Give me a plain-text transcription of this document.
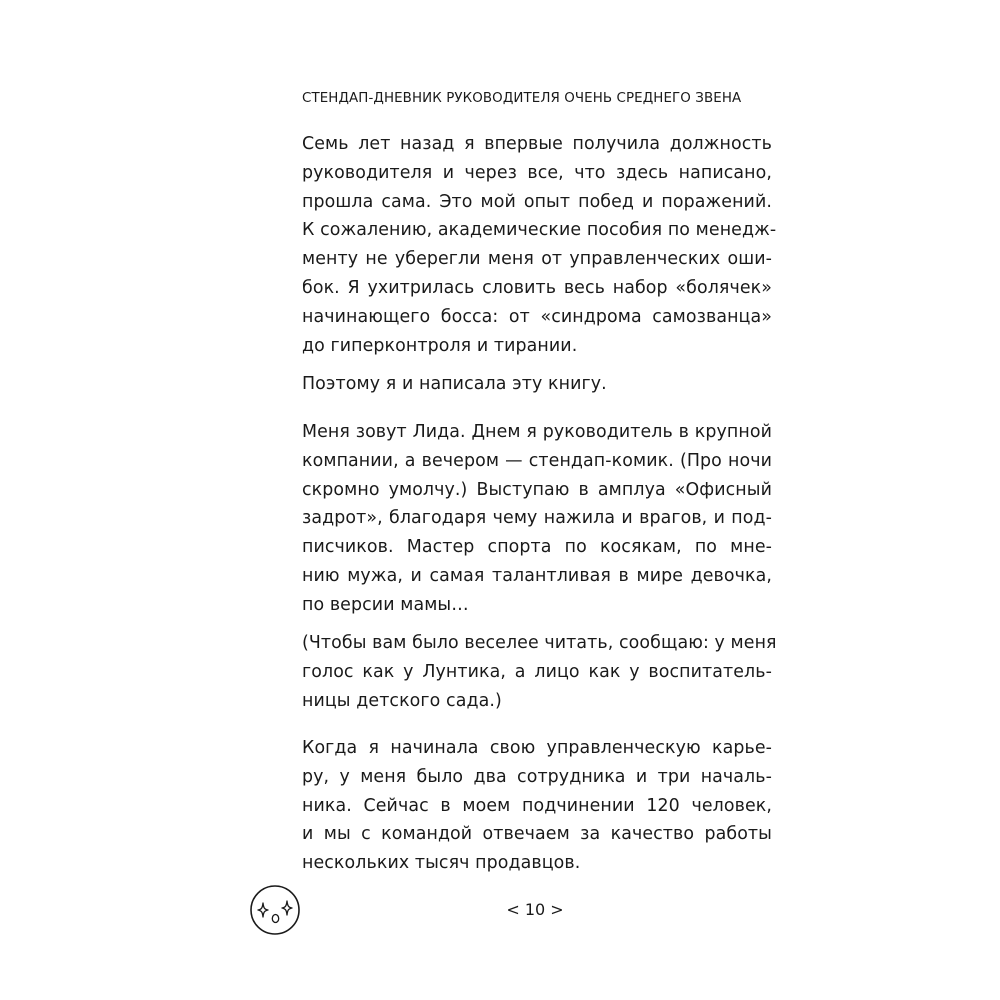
СТЕНДАП-ДНЕВНИК РУКОВОДИТЕЛЯ ОЧЕНЬ СРЕДНЕГО ЗВЕНА
Семь лет назад я впервые получила должность
руководителя и через все, что здесь написано,
прошла сама. Это мой опыт побед и поражений.
К сожалению, академические пособия по менедж-
менту не уберегли меня от управленческих оши-
бок. Я ухитрилась словить весь набор «болячек»
начинающего босса: от «синдрома самозванца»
до гиперконтроля и тирании.
Поэтому я и написала эту книгу.
Меня зовут Лида. Днем я руководитель в крупной
компании, а вечером — стендап-комик. (Про ночи
скромно умолчу.) Выступаю в амплуа «Офисный
задрот», благодаря чему нажила и врагов, и под-
писчиков. Мастер спорта по косякам, по мне-
нию мужа, и самая талантливая в мире девочка,
по версии мамы…
(Чтобы вам было веселее читать, сообщаю: у меня
голос как у Лунтика, а лицо как у воспитатель-
ницы детского сада.)
Когда я начинала свою управленческую карье-
ру, у меня было два сотрудника и три началь-
ника. Сейчас в моем подчинении 120 человек,
и мы с командой отвечаем за качество работы
нескольких тысяч продавцов.
< 10 >
